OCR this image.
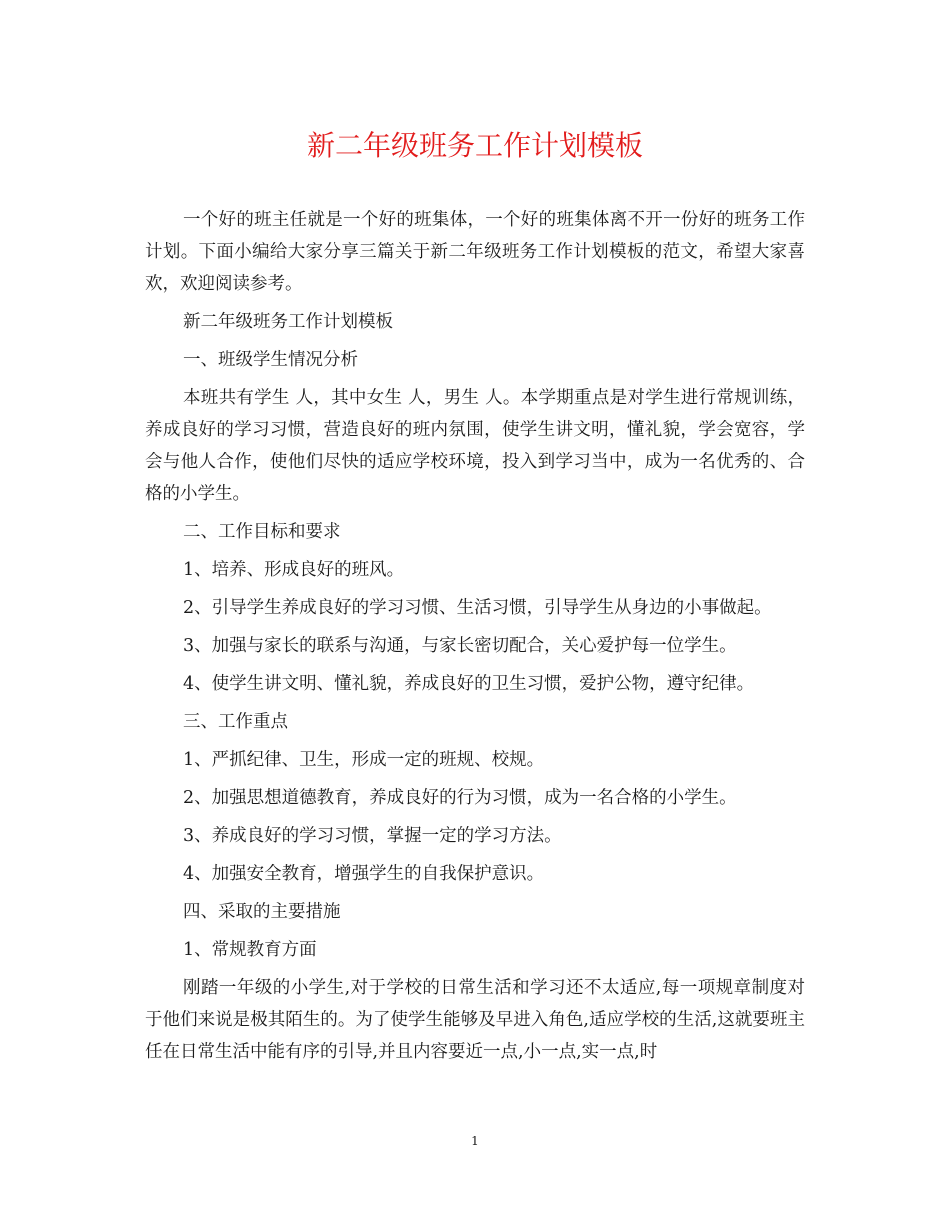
新二年级班务工作计划模板

一个好的班主任就是一个好的班集体，一个好的班集体离不开一份好的班务工作计划。下面小编给大家分享三篇关于新二年级班务工作计划模板的范文，希望大家喜欢，欢迎阅读参考。

新二年级班务工作计划模板

一、班级学生情况分析

本班共有学生 人，其中女生 人，男生 人。本学期重点是对学生进行常规训练，养成良好的学习习惯，营造良好的班内氛围，使学生讲文明，懂礼貌，学会宽容，学会与他人合作，使他们尽快的适应学校环境，投入到学习当中，成为一名优秀的、合格的小学生。

二、工作目标和要求

1、培养、形成良好的班风。

2、引导学生养成良好的学习习惯、生活习惯，引导学生从身边的小事做起。

3、加强与家长的联系与沟通，与家长密切配合，关心爱护每一位学生。

4、使学生讲文明、懂礼貌，养成良好的卫生习惯，爱护公物，遵守纪律。

三、工作重点

1、严抓纪律、卫生，形成一定的班规、校规。

2、加强思想道德教育，养成良好的行为习惯，成为一名合格的小学生。

3、养成良好的学习习惯，掌握一定的学习方法。

4、加强安全教育，增强学生的自我保护意识。

四、采取的主要措施

1、常规教育方面

刚踏一年级的小学生,对于学校的日常生活和学习还不太适应,每一项规章制度对于他们来说是极其陌生的。为了使学生能够及早进入角色,适应学校的生活,这就要班主任在日常生活中能有序的引导,并且内容要近一点,小一点,实一点,时

1
